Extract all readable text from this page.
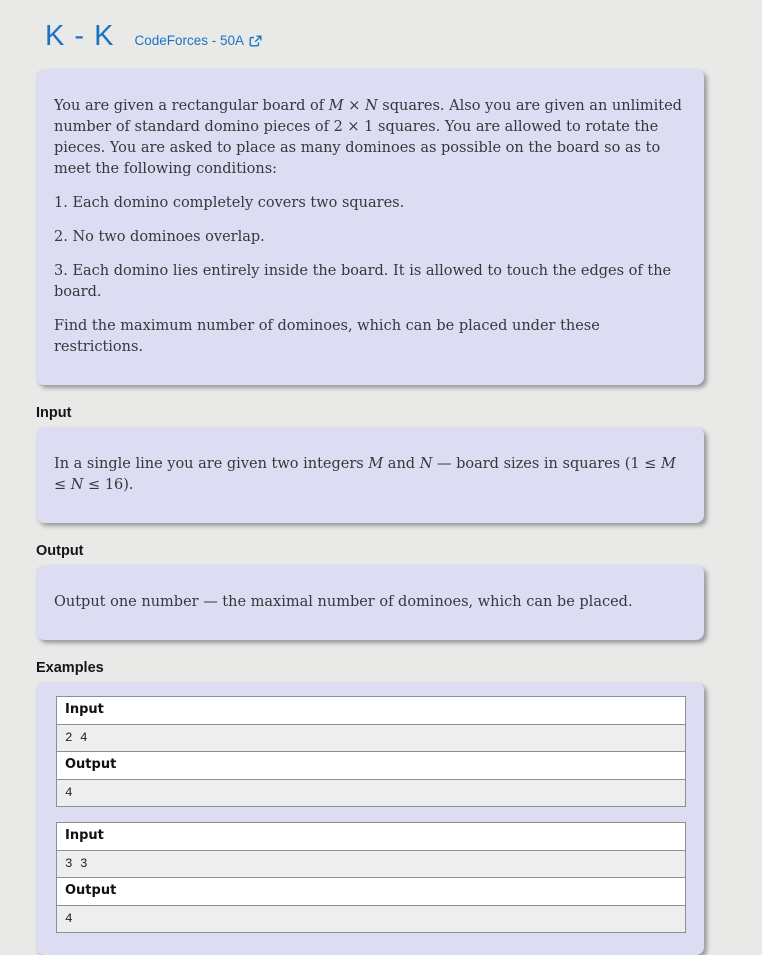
K - K CodeForces - 50A

You are given a rectangular board of M × N squares. Also you are given an unlimited number of standard domino pieces of 2 × 1 squares. You are allowed to rotate the pieces. You are asked to place as many dominoes as possible on the board so as to meet the following conditions:

1. Each domino completely covers two squares.

2. No two dominoes overlap.

3. Each domino lies entirely inside the board. It is allowed to touch the edges of the board.

Find the maximum number of dominoes, which can be placed under these restrictions.

Input

In a single line you are given two integers M and N — board sizes in squares (1 ≤ M ≤ N ≤ 16).

Output

Output one number — the maximal number of dominoes, which can be placed.

Examples
Input

2 4

Output

4
Input

3 3

Output

4
